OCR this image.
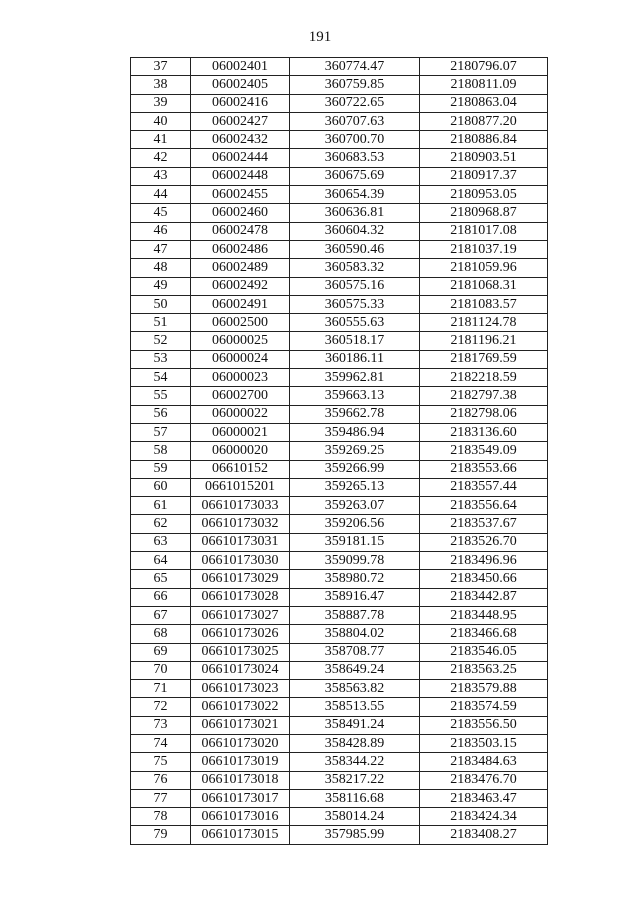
191
37	06002401	360774.47	2180796.07
38	06002405	360759.85	2180811.09
39	06002416	360722.65	2180863.04
40	06002427	360707.63	2180877.20
41	06002432	360700.70	2180886.84
42	06002444	360683.53	2180903.51
43	06002448	360675.69	2180917.37
44	06002455	360654.39	2180953.05
45	06002460	360636.81	2180968.87
46	06002478	360604.32	2181017.08
47	06002486	360590.46	2181037.19
48	06002489	360583.32	2181059.96
49	06002492	360575.16	2181068.31
50	06002491	360575.33	2181083.57
51	06002500	360555.63	2181124.78
52	06000025	360518.17	2181196.21
53	06000024	360186.11	2181769.59
54	06000023	359962.81	2182218.59
55	06002700	359663.13	2182797.38
56	06000022	359662.78	2182798.06
57	06000021	359486.94	2183136.60
58	06000020	359269.25	2183549.09
59	06610152	359266.99	2183553.66
60	0661015201	359265.13	2183557.44
61	06610173033	359263.07	2183556.64
62	06610173032	359206.56	2183537.67
63	06610173031	359181.15	2183526.70
64	06610173030	359099.78	2183496.96
65	06610173029	358980.72	2183450.66
66	06610173028	358916.47	2183442.87
67	06610173027	358887.78	2183448.95
68	06610173026	358804.02	2183466.68
69	06610173025	358708.77	2183546.05
70	06610173024	358649.24	2183563.25
71	06610173023	358563.82	2183579.88
72	06610173022	358513.55	2183574.59
73	06610173021	358491.24	2183556.50
74	06610173020	358428.89	2183503.15
75	06610173019	358344.22	2183484.63
76	06610173018	358217.22	2183476.70
77	06610173017	358116.68	2183463.47
78	06610173016	358014.24	2183424.34
79	06610173015	357985.99	2183408.27
